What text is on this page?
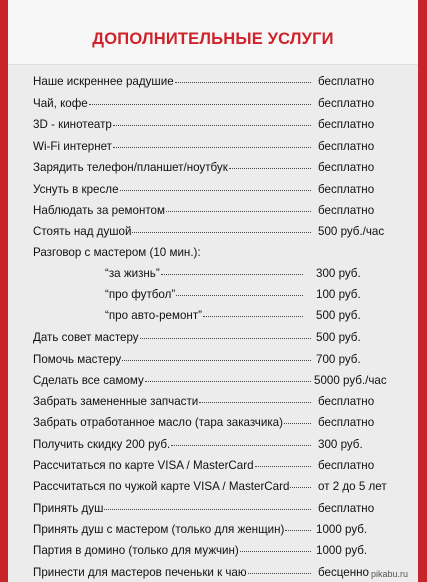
ДОПОЛНИТЕЛЬНЫЕ УСЛУГИ
Наше искреннее радушие	бесплатно
Чай, кофе	бесплатно
3D - кинотеатр	бесплатно
Wi-Fi интернет	бесплатно
Зарядить телефон/планшет/ноутбук	бесплатно
Уснуть в кресле	бесплатно
Наблюдать за ремонтом	бесплатно
Стоять над душой	500 руб./час
Разговор с мастером (10 мин.):
“за жизнь”	300 руб.
“про футбол”	100 руб.
“про авто-ремонт”	500 руб.
Дать совет мастеру	500 руб.
Помочь мастеру	700 руб.
Сделать все самому	5000 руб./час
Забрать замененные запчасти	бесплатно
Забрать отработанное масло (тара заказчика)	бесплатно
Получить скидку 200 руб.	300 руб.
Рассчитаться по карте VISA / MasterCard	бесплатно
Рассчитаться по чужой карте VISA / MasterCard от 2 до 5 лет
Принять душ	бесплатно
Принять душ с мастером (только для женщин)	1000 руб.
Партия в домино (только для мужчин)	1000 руб.
Принести для мастеров печеньки к чаю	бесценно pikabu.ru
